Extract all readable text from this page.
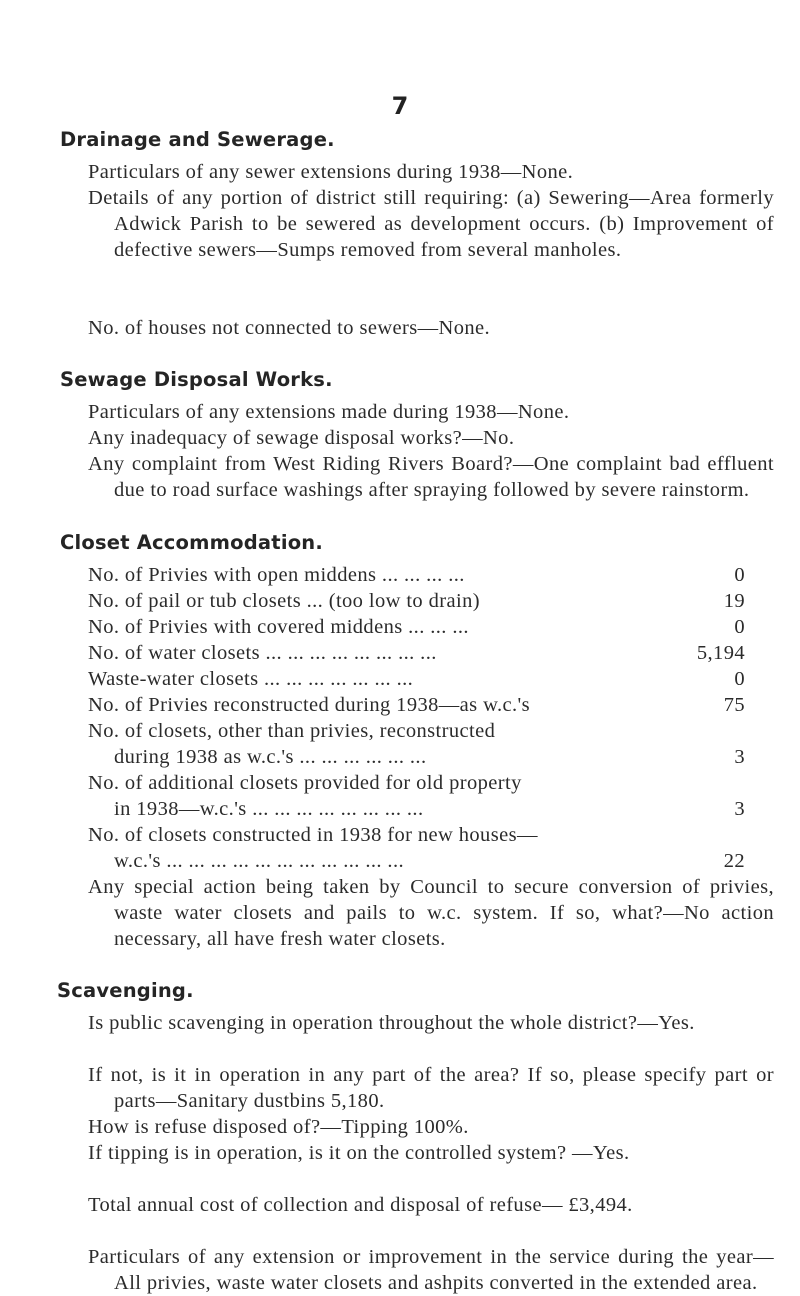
7
Drainage and Sewerage.

Particulars of any sewer extensions during 1938—None.

Details of any portion of district still requiring: (a) Sewering—Area formerly Adwick Parish to be sewered as development occurs. (b) Improvement of defective sewers—Sumps removed from several manholes.

No. of houses not connected to sewers—None.

Sewage Disposal Works.

Particulars of any extensions made during 1938—None.

Any inadequacy of sewage disposal works?—No.

Any complaint from West Riding Rivers Board?—One complaint bad effluent due to road surface washings after spraying followed by severe rainstorm.

Closet Accommodation.
No. of Privies with open middens ... ... ... ...	0
No. of pail or tub closets ... (too low to drain)	19
No. of Privies with covered middens ... ... ...	0
No. of water closets ... ... ... ... ... ... ... ...	5,194
Waste-water closets ... ... ... ... ... ... ...	0
No. of Privies reconstructed during 1938—as w.c.'s	75
No. of closets, other than privies, reconstructed
during 1938 as w.c.'s ... ... ... ... ... ...	3
No. of additional closets provided for old property
in 1938—w.c.'s ... ... ... ... ... ... ... ...	3
No. of closets constructed in 1938 for new houses—
w.c.'s ... ... ... ... ... ... ... ... ... ... ...	22

Any special action being taken by Council to secure conversion of privies, waste water closets and pails to w.c. system. If so, what?—No action necessary, all have fresh water closets.

Scavenging.

Is public scavenging in operation throughout the whole district?—Yes.

If not, is it in operation in any part of the area? If so, please specify part or parts—Sanitary dustbins 5,180.

How is refuse disposed of?—Tipping 100%.

If tipping is in operation, is it on the controlled system? —Yes.

Total annual cost of collection and disposal of refuse— £3,494.

Particulars of any extension or improvement in the service during the year—All privies, waste water closets and ashpits converted in the extended area.
